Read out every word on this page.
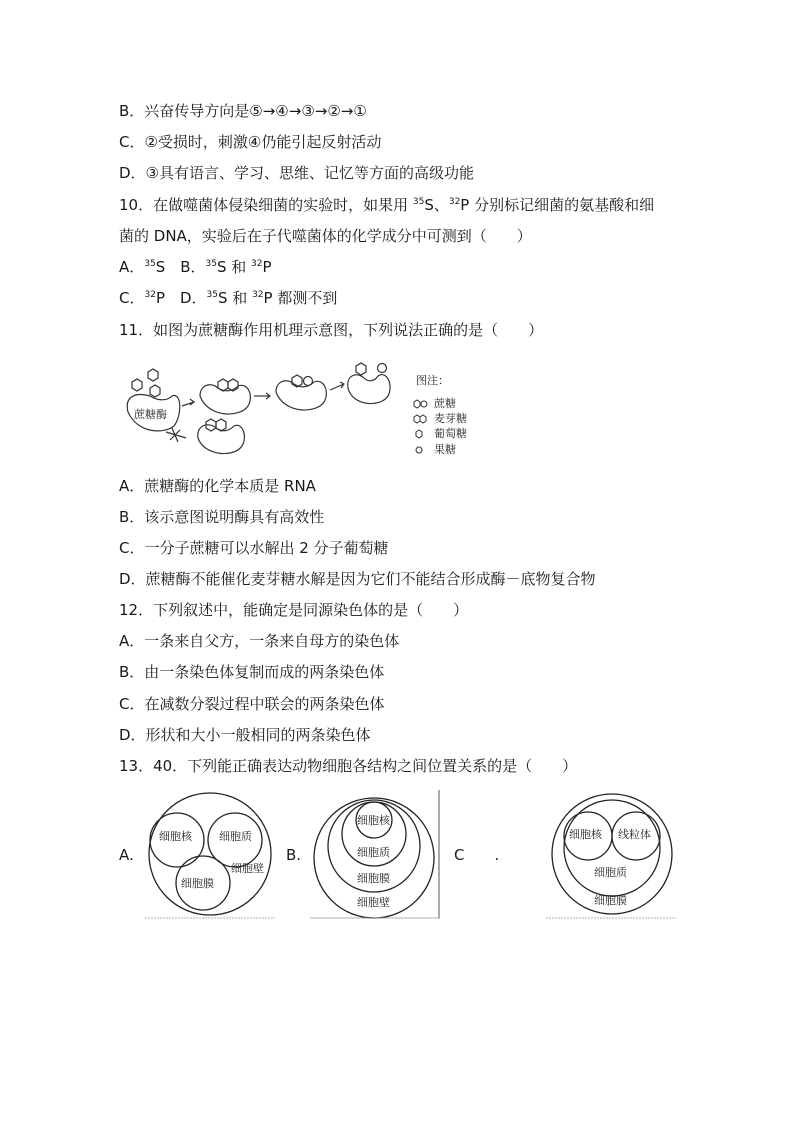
B．兴奋传导方向是⑤→④→③→②→①
C．②受损时，刺激④仍能引起反射活动
D．③具有语言、学习、思维、记忆等方面的高级功能
10．在做噬菌体侵染细菌的实验时，如果用 $^{35}$S、$^{32}$P 分别标记细菌的氨基酸和细
菌的 DNA，实验后在子代噬菌体的化学成分中可测到（　　）
A．$^{35}$S　B．$^{35}$S 和 $^{32}$P
C．$^{32}$P　D．$^{35}$S 和 $^{32}$P 都测不到
11．如图为蔗糖酶作用机理示意图，下列说法正确的是（　　）
蔗糖酶
图注：
蔗糖
麦芽糖
葡萄糖
果糖
A．蔗糖酶的化学本质是 RNA
B．该示意图说明酶具有高效性
C．一分子蔗糖可以水解出 2 分子葡萄糖
D．蔗糖酶不能催化麦芽糖水解是因为它们不能结合形成酶－底物复合物
12．下列叙述中，能确定是同源染色体的是（　　）
A．一条来自父方，一条来自母方的染色体
B．由一条染色体复制而成的两条染色体
C．在减数分裂过程中联会的两条染色体
D．形状和大小一般相同的两条染色体
13．40．下列能正确表达动物细胞各结构之间位置关系的是（　　）
A.
细胞核 细胞质
细胞膜
细胞壁
B.
细胞核
细胞质
细胞膜
细胞壁
C　　.
细胞核 线粒体
细胞质
细胞膜
